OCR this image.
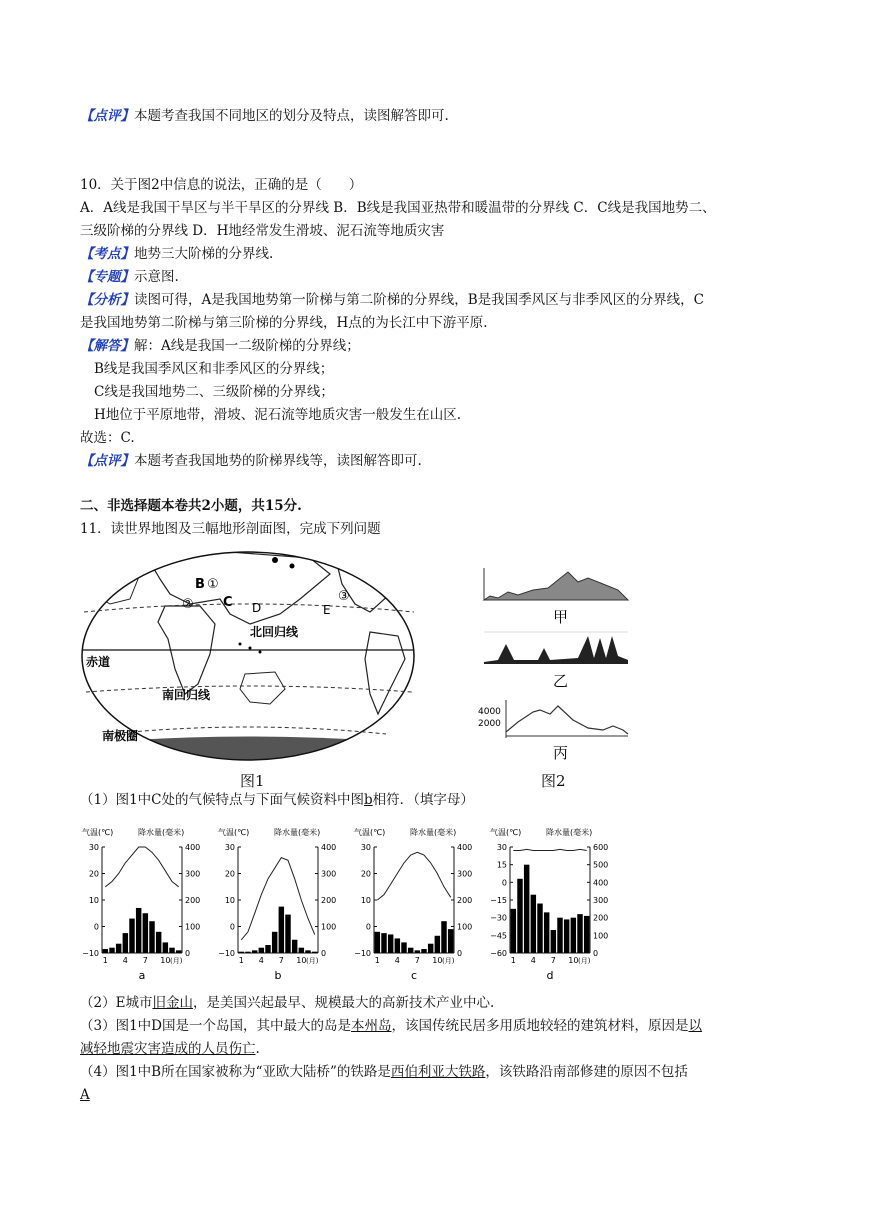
【点评】本题考查我国不同地区的划分及特点，读图解答即可.
10．关于图2中信息的说法，正确的是（　　）
A．A线是我国干旱区与半干旱区的分界线 B．B线是我国亚热带和暖温带的分界线 C．C线是我国地势二、
三级阶梯的分界线 D．H地经常发生滑坡、泥石流等地质灾害
【考点】地势三大阶梯的分界线.
【专题】示意图.
【分析】读图可得，A是我国地势第一阶梯与第二阶梯的分界线，B是我国季风区与非季风区的分界线，C
是我国地势第二阶梯与第三阶梯的分界线，H点的为长江中下游平原.
【解答】解：A线是我国一二级阶梯的分界线；
B线是我国季风区和非季风区的分界线；
C线是我国地势二、三级阶梯的分界线；
H地位于平原地带，滑坡、泥石流等地质灾害一般发生在山区.
故选：C.
【点评】本题考查我国地势的阶梯界线等，读图解答即可.
二、非选择题本卷共2小题，共15分.
11．读世界地图及三幅地形剖面图，完成下列问题
B ①
② C	③
E
D
北回归线
赤道
南回归线
南极圈
图1
甲
乙
4000
2000
丙
图2
（1）图1中C处的气候特点与下面气候资料中图b相符．（填字母）
气温(℃)	降水量(毫米)
30
20
10
0
−10
400
300
200
100
0
1 4 7 10 (月)
a
气温(℃)	降水量(毫米)
30
20
10
0
−10
400
300
200
100
0
1 4 7 10 (月)
b
气温(℃)	降水量(毫米)
30
20
10
0
−10
400
300
200
100
0
1 4 7 10 (月)
c
气温(℃)	降水量(毫米)
30
15
0
−15
−30
−45
−60
600
500
400
300
200
100
0
1 4 7 10 (月)
d
（2）E城市旧金山，是美国兴起最早、规模最大的高新技术产业中心.
（3）图1中D国是一个岛国，其中最大的岛是本州岛，该国传统民居多用质地较轻的建筑材料，原因是以
减轻地震灾害造成的人员伤亡.
（4）图1中B所在国家被称为“亚欧大陆桥”的铁路是西伯利亚大铁路，该铁路沿南部修建的原因不包括
A
